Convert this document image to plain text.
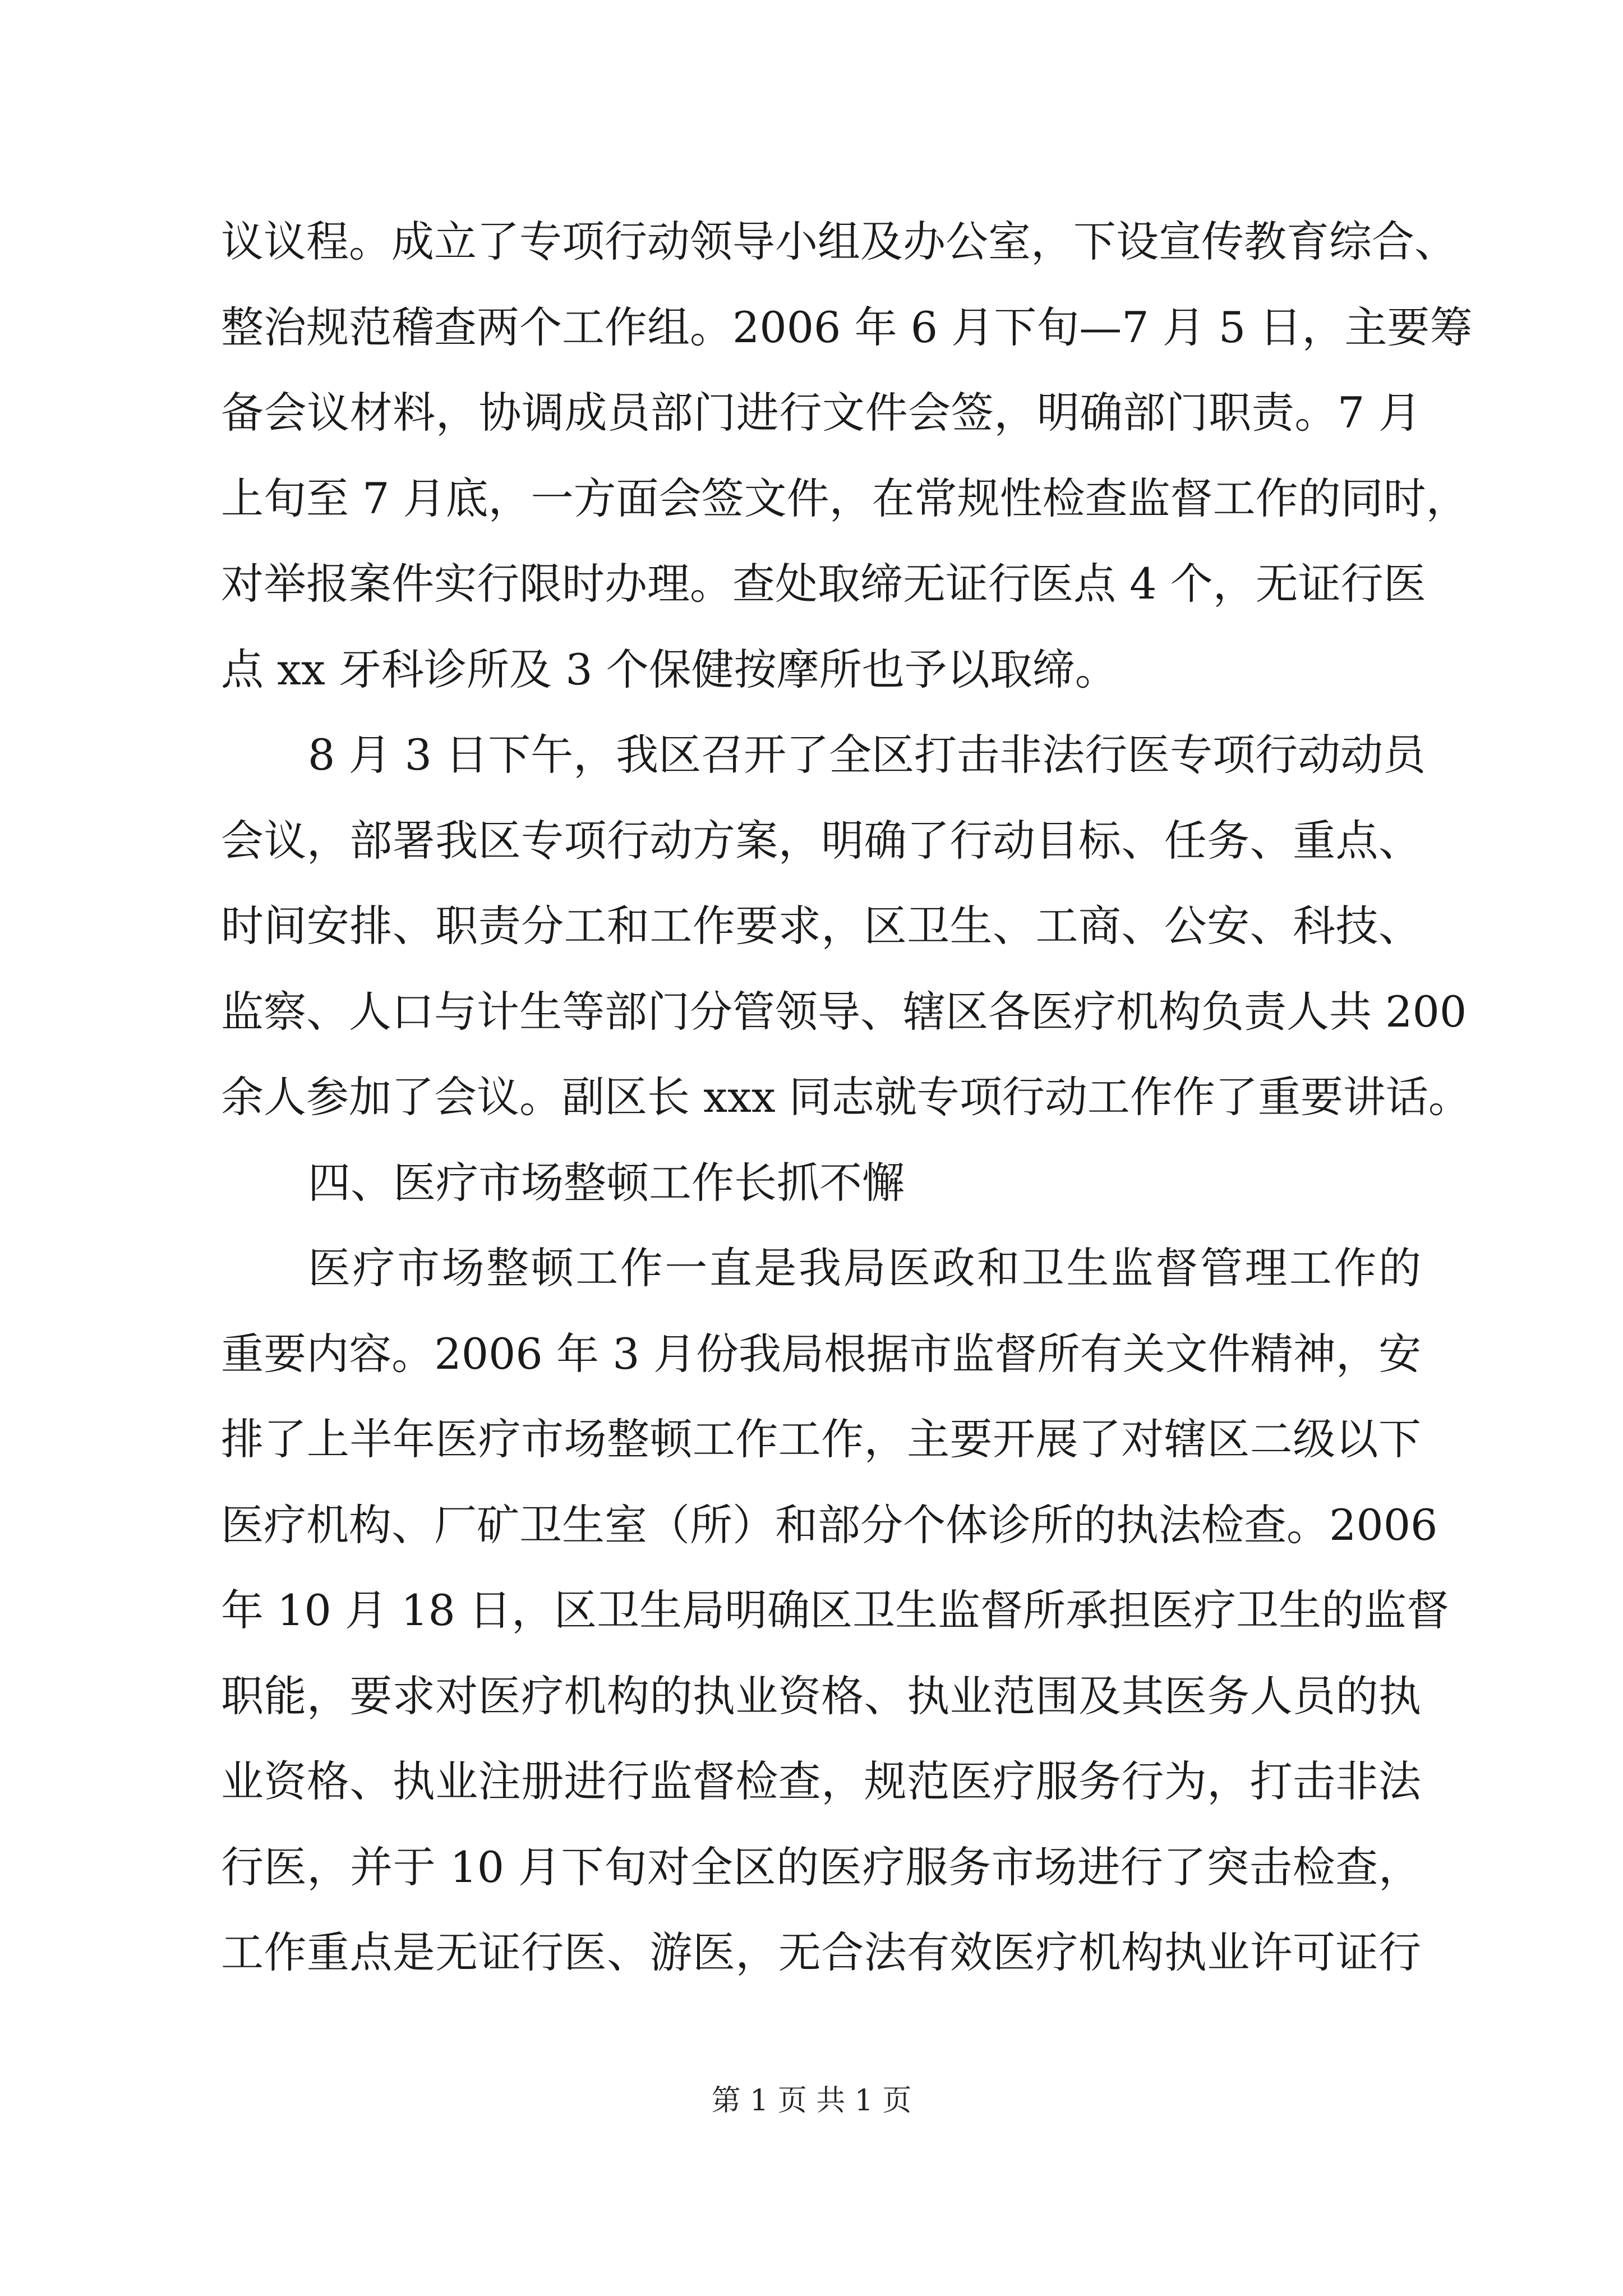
议议程。成立了专项行动领导小组及办公室，下设宣传教育综合、
整治规范稽查两个工作组。2006 年 6 月下旬—7 月 5 日，主要筹
备会议材料，协调成员部门进行文件会签，明确部门职责。7 月
上旬至 7 月底，一方面会签文件，在常规性检查监督工作的同时，
对举报案件实行限时办理。查处取缔无证行医点 4 个，无证行医
点 xx 牙科诊所及 3 个保健按摩所也予以取缔。
8 月 3 日下午，我区召开了全区打击非法行医专项行动动员
会议，部署我区专项行动方案，明确了行动目标、任务、重点、
时间安排、职责分工和工作要求，区卫生、工商、公安、科技、
监察、人口与计生等部门分管领导、辖区各医疗机构负责人共 200
余人参加了会议。副区长 xxx 同志就专项行动工作作了重要讲话。
四、医疗市场整顿工作长抓不懈
医疗市场整顿工作一直是我局医政和卫生监督管理工作的
重要内容。2006 年 3 月份我局根据市监督所有关文件精神，安
排了上半年医疗市场整顿工作工作，主要开展了对辖区二级以下
医疗机构、厂矿卫生室（所）和部分个体诊所的执法检查。2006
年 10 月 18 日，区卫生局明确区卫生监督所承担医疗卫生的监督
职能，要求对医疗机构的执业资格、执业范围及其医务人员的执
业资格、执业注册进行监督检查，规范医疗服务行为，打击非法
行医，并于 10 月下旬对全区的医疗服务市场进行了突击检查，
工作重点是无证行医、游医，无合法有效医疗机构执业许可证行
第 1 页 共 1 页
